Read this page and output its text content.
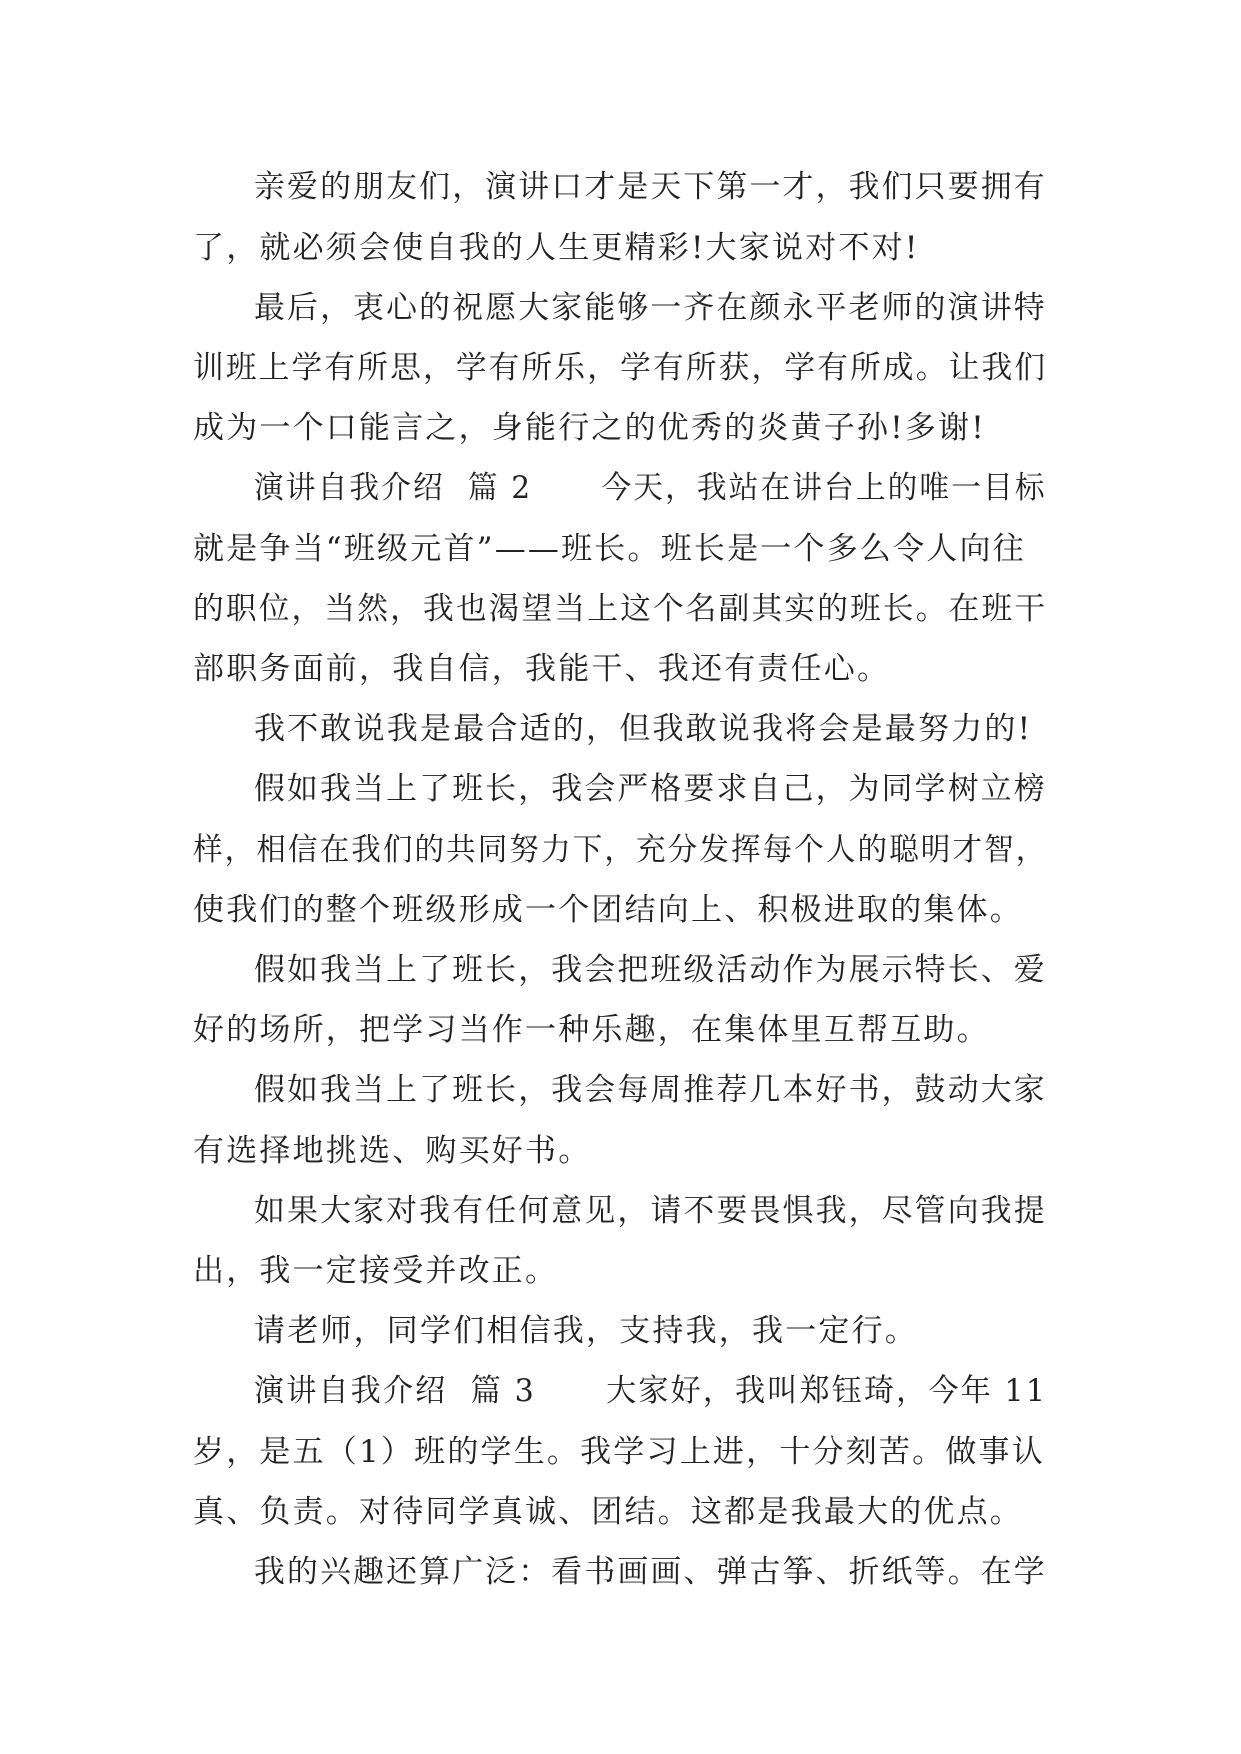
亲爱的朋友们，演讲口才是天下第一才，我们只要拥有
了，就必须会使自我的人生更精彩!大家说对不对!
最后，衷心的祝愿大家能够一齐在颜永平老师的演讲特
训班上学有所思，学有所乐，学有所获，学有所成。让我们
成为一个口能言之，身能行之的优秀的炎黄子孙!多谢!
演讲自我介绍  篇 2      今天，我站在讲台上的唯一目标
就是争当“班级元首”——班长。班长是一个多么令人向往
的职位，当然，我也渴望当上这个名副其实的班长。在班干
部职务面前，我自信，我能干、我还有责任心。
我不敢说我是最合适的，但我敢说我将会是最努力的!
假如我当上了班长，我会严格要求自己，为同学树立榜
样，相信在我们的共同努力下，充分发挥每个人的聪明才智，
使我们的整个班级形成一个团结向上、积极进取的集体。
假如我当上了班长，我会把班级活动作为展示特长、爱
好的场所，把学习当作一种乐趣，在集体里互帮互助。
假如我当上了班长，我会每周推荐几本好书，鼓动大家
有选择地挑选、购买好书。
如果大家对我有任何意见，请不要畏惧我，尽管向我提
出，我一定接受并改正。
请老师，同学们相信我，支持我，我一定行。
演讲自我介绍  篇 3      大家好，我叫郑钰琦，今年 11
岁，是五（1）班的学生。我学习上进，十分刻苦。做事认
真、负责。对待同学真诚、团结。这都是我最大的优点。
我的兴趣还算广泛：看书画画、弹古筝、折纸等。在学
